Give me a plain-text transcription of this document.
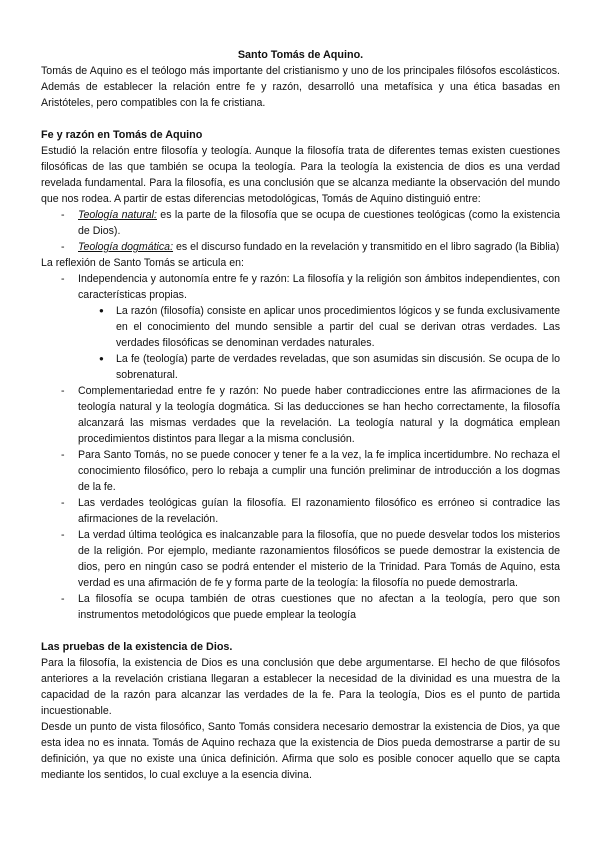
Santo Tomás de Aquino.

Tomás de Aquino es el teólogo más importante del cristianismo y uno de los principales filósofos escolásticos. Además de establecer la relación entre fe y razón, desarrolló una metafísica y una ética basadas en Aristóteles, pero compatibles con la fe cristiana.

Fe y razón en Tomás de Aquino

Estudió la relación entre filosofía y teología. Aunque la filosofía trata de diferentes temas existen cuestiones filosóficas de las que también se ocupa la teología. Para la teología la existencia de dios es una verdad revelada fundamental. Para la filosofía, es una conclusión que se alcanza mediante la observación del mundo que nos rodea. A partir de estas diferencias metodológicas, Tomás de Aquino distinguió entre:

- Teología natural: es la parte de la filosofía que se ocupa de cuestiones teológicas (como la existencia de Dios).
- Teología dogmática: es el discurso fundado en la revelación y transmitido en el libro sagrado (la Biblia)

La reflexión de Santo Tomás se articula en:

- Independencia y autonomía entre fe y razón: La filosofía y la religión son ámbitos independientes, con características propias.
● La razón (filosofía) consiste en aplicar unos procedimientos lógicos y se funda exclusivamente en el conocimiento del mundo sensible a partir del cual se derivan otras verdades. Las verdades filosóficas se denominan verdades naturales.
● La fe (teología) parte de verdades reveladas, que son asumidas sin discusión. Se ocupa de lo sobrenatural.
- Complementariedad entre fe y razón: No puede haber contradicciones entre las afirmaciones de la teología natural y la teología dogmática. Si las deducciones se han hecho correctamente, la filosofía alcanzará las mismas verdades que la revelación. La teología natural y la dogmática emplean procedimientos distintos para llegar a la misma conclusión.
- Para Santo Tomás, no se puede conocer y tener fe a la vez, la fe implica incertidumbre. No rechaza el conocimiento filosófico, pero lo rebaja a cumplir una función preliminar de introducción a los dogmas de la fe.
- Las verdades teológicas guían la filosofía. El razonamiento filosófico es erróneo si contradice las afirmaciones de la revelación.
- La verdad última teológica es inalcanzable para la filosofía, que no puede desvelar todos los misterios de la religión. Por ejemplo, mediante razonamientos filosóficos se puede demostrar la existencia de dios, pero en ningún caso se podrá entender el misterio de la Trinidad. Para Tomás de Aquino, esta verdad es una afirmación de fe y forma parte de la teología: la filosofía no puede demostrarla.
- La filosofía se ocupa también de otras cuestiones que no afectan a la teología, pero que son instrumentos metodológicos que puede emplear la teología

Las pruebas de la existencia de Dios.

Para la filosofía, la existencia de Dios es una conclusión que debe argumentarse. El hecho de que filósofos anteriores a la revelación cristiana llegaran a establecer la necesidad de la divinidad es una muestra de la capacidad de la razón para alcanzar las verdades de la fe. Para la teología, Dios es el punto de partida incuestionable.

Desde un punto de vista filosófico, Santo Tomás considera necesario demostrar la existencia de Dios, ya que esta idea no es innata. Tomás de Aquino rechaza que la existencia de Dios pueda demostrarse a partir de su definición, ya que no existe una única definición. Afirma que solo es posible conocer aquello que se capta mediante los sentidos, lo cual excluye a la esencia divina.
